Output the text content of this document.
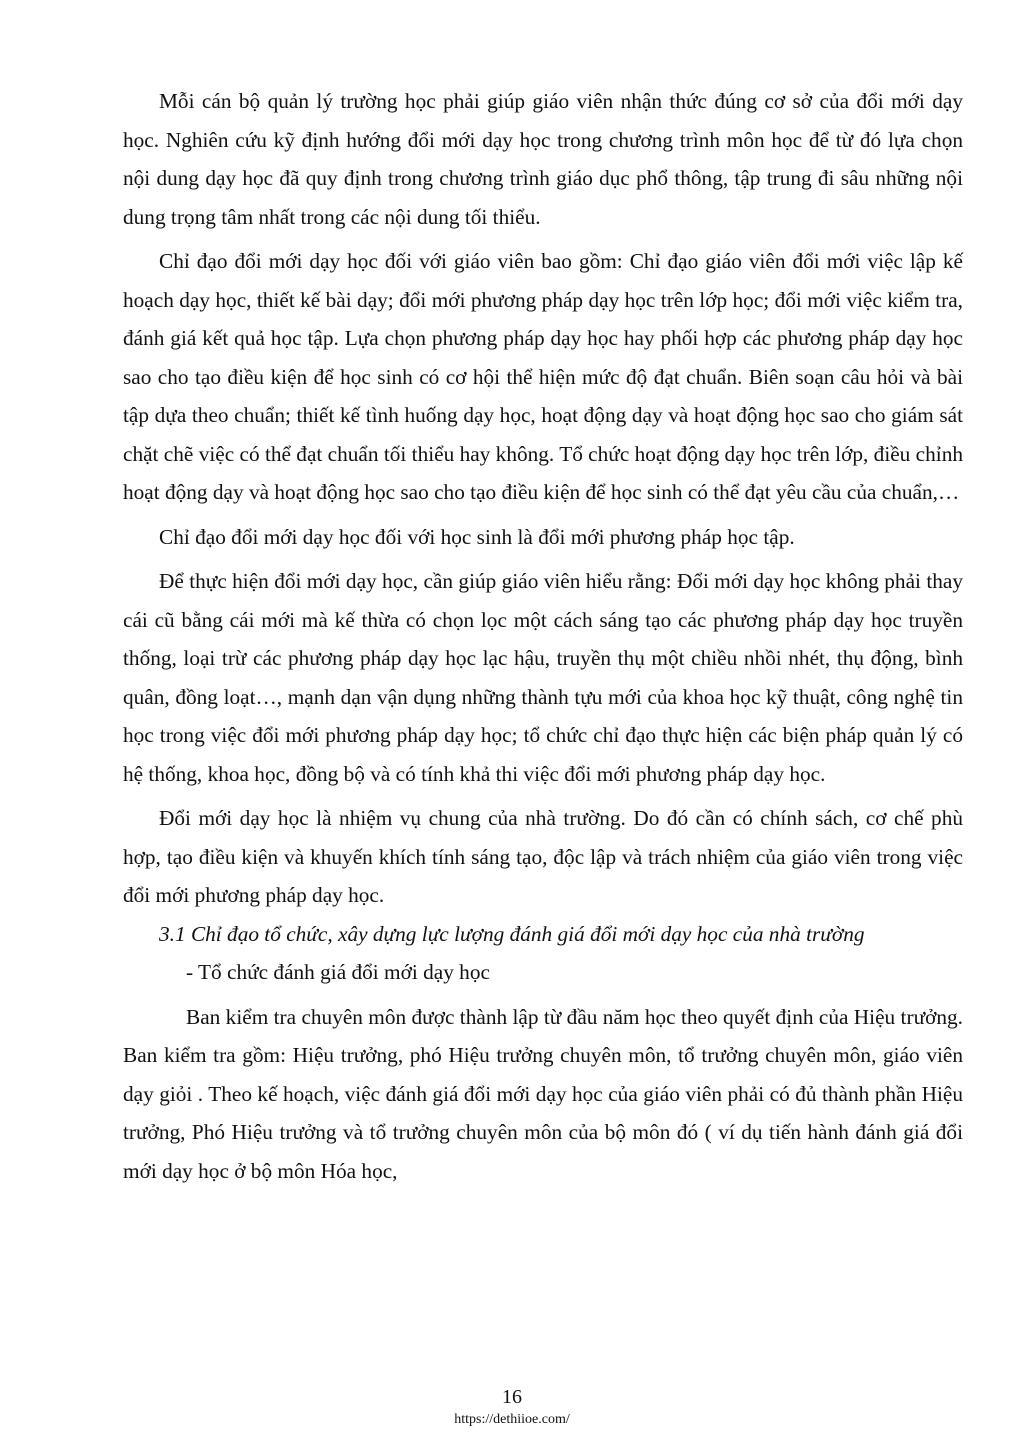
Mỗi cán bộ quản lý trường học phải giúp giáo viên nhận thức đúng cơ sở của đổi mới dạy học. Nghiên cứu kỹ định hướng đổi mới dạy học trong chương trình môn học để từ đó lựa chọn nội dung dạy học đã quy định trong chương trình giáo dục phổ thông, tập trung đi sâu những nội dung trọng tâm nhất trong các nội dung tối thiểu.

Chỉ đạo đổi mới dạy học đối với giáo viên bao gồm: Chỉ đạo giáo viên đổi mới việc lập kế hoạch dạy học, thiết kế bài dạy; đổi mới phương pháp dạy học trên lớp học; đổi mới việc kiểm tra, đánh giá kết quả học tập. Lựa chọn phương pháp dạy học hay phối hợp các phương pháp dạy học sao cho tạo điều kiện để học sinh có cơ hội thể hiện mức độ đạt chuẩn. Biên soạn câu hỏi và bài tập dựa theo chuẩn; thiết kế tình huống dạy học, hoạt động dạy và hoạt động học sao cho giám sát chặt chẽ việc có thể đạt chuẩn tối thiểu hay không. Tổ chức hoạt động dạy học trên lớp, điều chỉnh hoạt động dạy và hoạt động học sao cho tạo điều kiện để học sinh có thể đạt yêu cầu của chuẩn,…

Chỉ đạo đổi mới dạy học đối với học sinh là đổi mới phương pháp học tập.

Để thực hiện đổi mới dạy học, cần giúp giáo viên hiểu rằng: Đổi mới dạy học không phải thay cái cũ bằng cái mới mà kế thừa có chọn lọc một cách sáng tạo các phương pháp dạy học truyền thống, loại trừ các phương pháp dạy học lạc hậu, truyền thụ một chiều nhồi nhét, thụ động, bình quân, đồng loạt…, mạnh dạn vận dụng những thành tựu mới của khoa học kỹ thuật, công nghệ tin học trong việc đổi mới phương pháp dạy học; tổ chức chỉ đạo thực hiện các biện pháp quản lý có hệ thống, khoa học, đồng bộ và có tính khả thi việc đổi mới phương pháp dạy học.

Đổi mới dạy học là nhiệm vụ chung của nhà trường. Do đó cần có chính sách, cơ chế phù hợp, tạo điều kiện và khuyến khích tính sáng tạo, độc lập và trách nhiệm của giáo viên trong việc đổi mới phương pháp dạy học.

3.1 Chỉ đạo tổ chức, xây dựng lực lượng đánh giá đổi mới dạy học của nhà trường

- Tổ chức đánh giá đổi mới dạy học

Ban kiểm tra chuyên môn được thành lập từ đầu năm học theo quyết định của Hiệu trưởng. Ban kiểm tra gồm: Hiệu trưởng, phó Hiệu trưởng chuyên môn, tổ trưởng chuyên môn, giáo viên dạy giỏi . Theo kế hoạch, việc đánh giá đổi mới dạy học của giáo viên phải có đủ thành phần Hiệu trưởng, Phó Hiệu trưởng và tổ trưởng chuyên môn của bộ môn đó ( ví dụ tiến hành đánh giá đổi mới dạy học ở bộ môn Hóa học,

16
https://dethiioe.com/
